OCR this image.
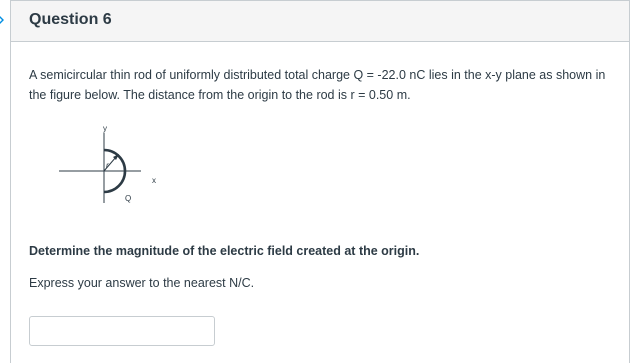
Question 6
A semicircular thin rod of uniformly distributed total charge Q = -22.0 nC lies in the x-y plane as shown in the figure below. The distance from the origin to the rod is r = 0.50 m.
y
r
x
Q
Determine the magnitude of the electric field created at the origin.
Express your answer to the nearest N/C.
